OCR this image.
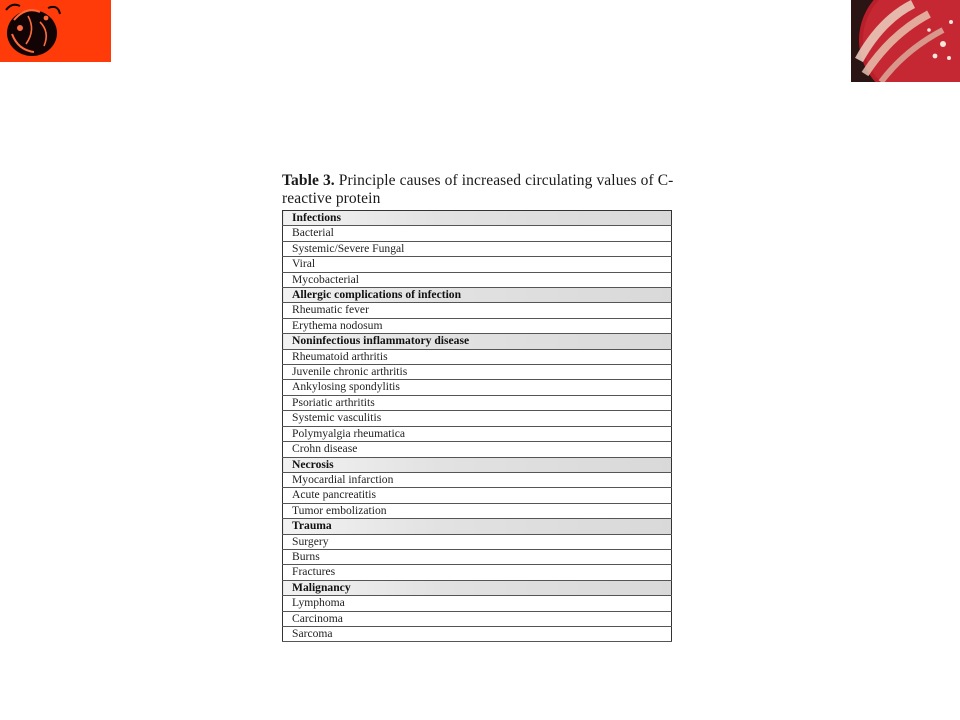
Table 3. Principle causes of increased circulating values of C-reactive protein

Infections
Bacterial
Systemic/Severe Fungal
Viral
Mycobacterial
Allergic complications of infection
Rheumatic fever
Erythema nodosum
Noninfectious inflammatory disease
Rheumatoid arthritis
Juvenile chronic arthritis
Ankylosing spondylitis
Psoriatic arthritits
Systemic vasculitis
Polymyalgia rheumatica
Crohn disease
Necrosis
Myocardial infarction
Acute pancreatitis
Tumor embolization
Trauma
Surgery
Burns
Fractures
Malignancy
Lymphoma
Carcinoma
Sarcoma
